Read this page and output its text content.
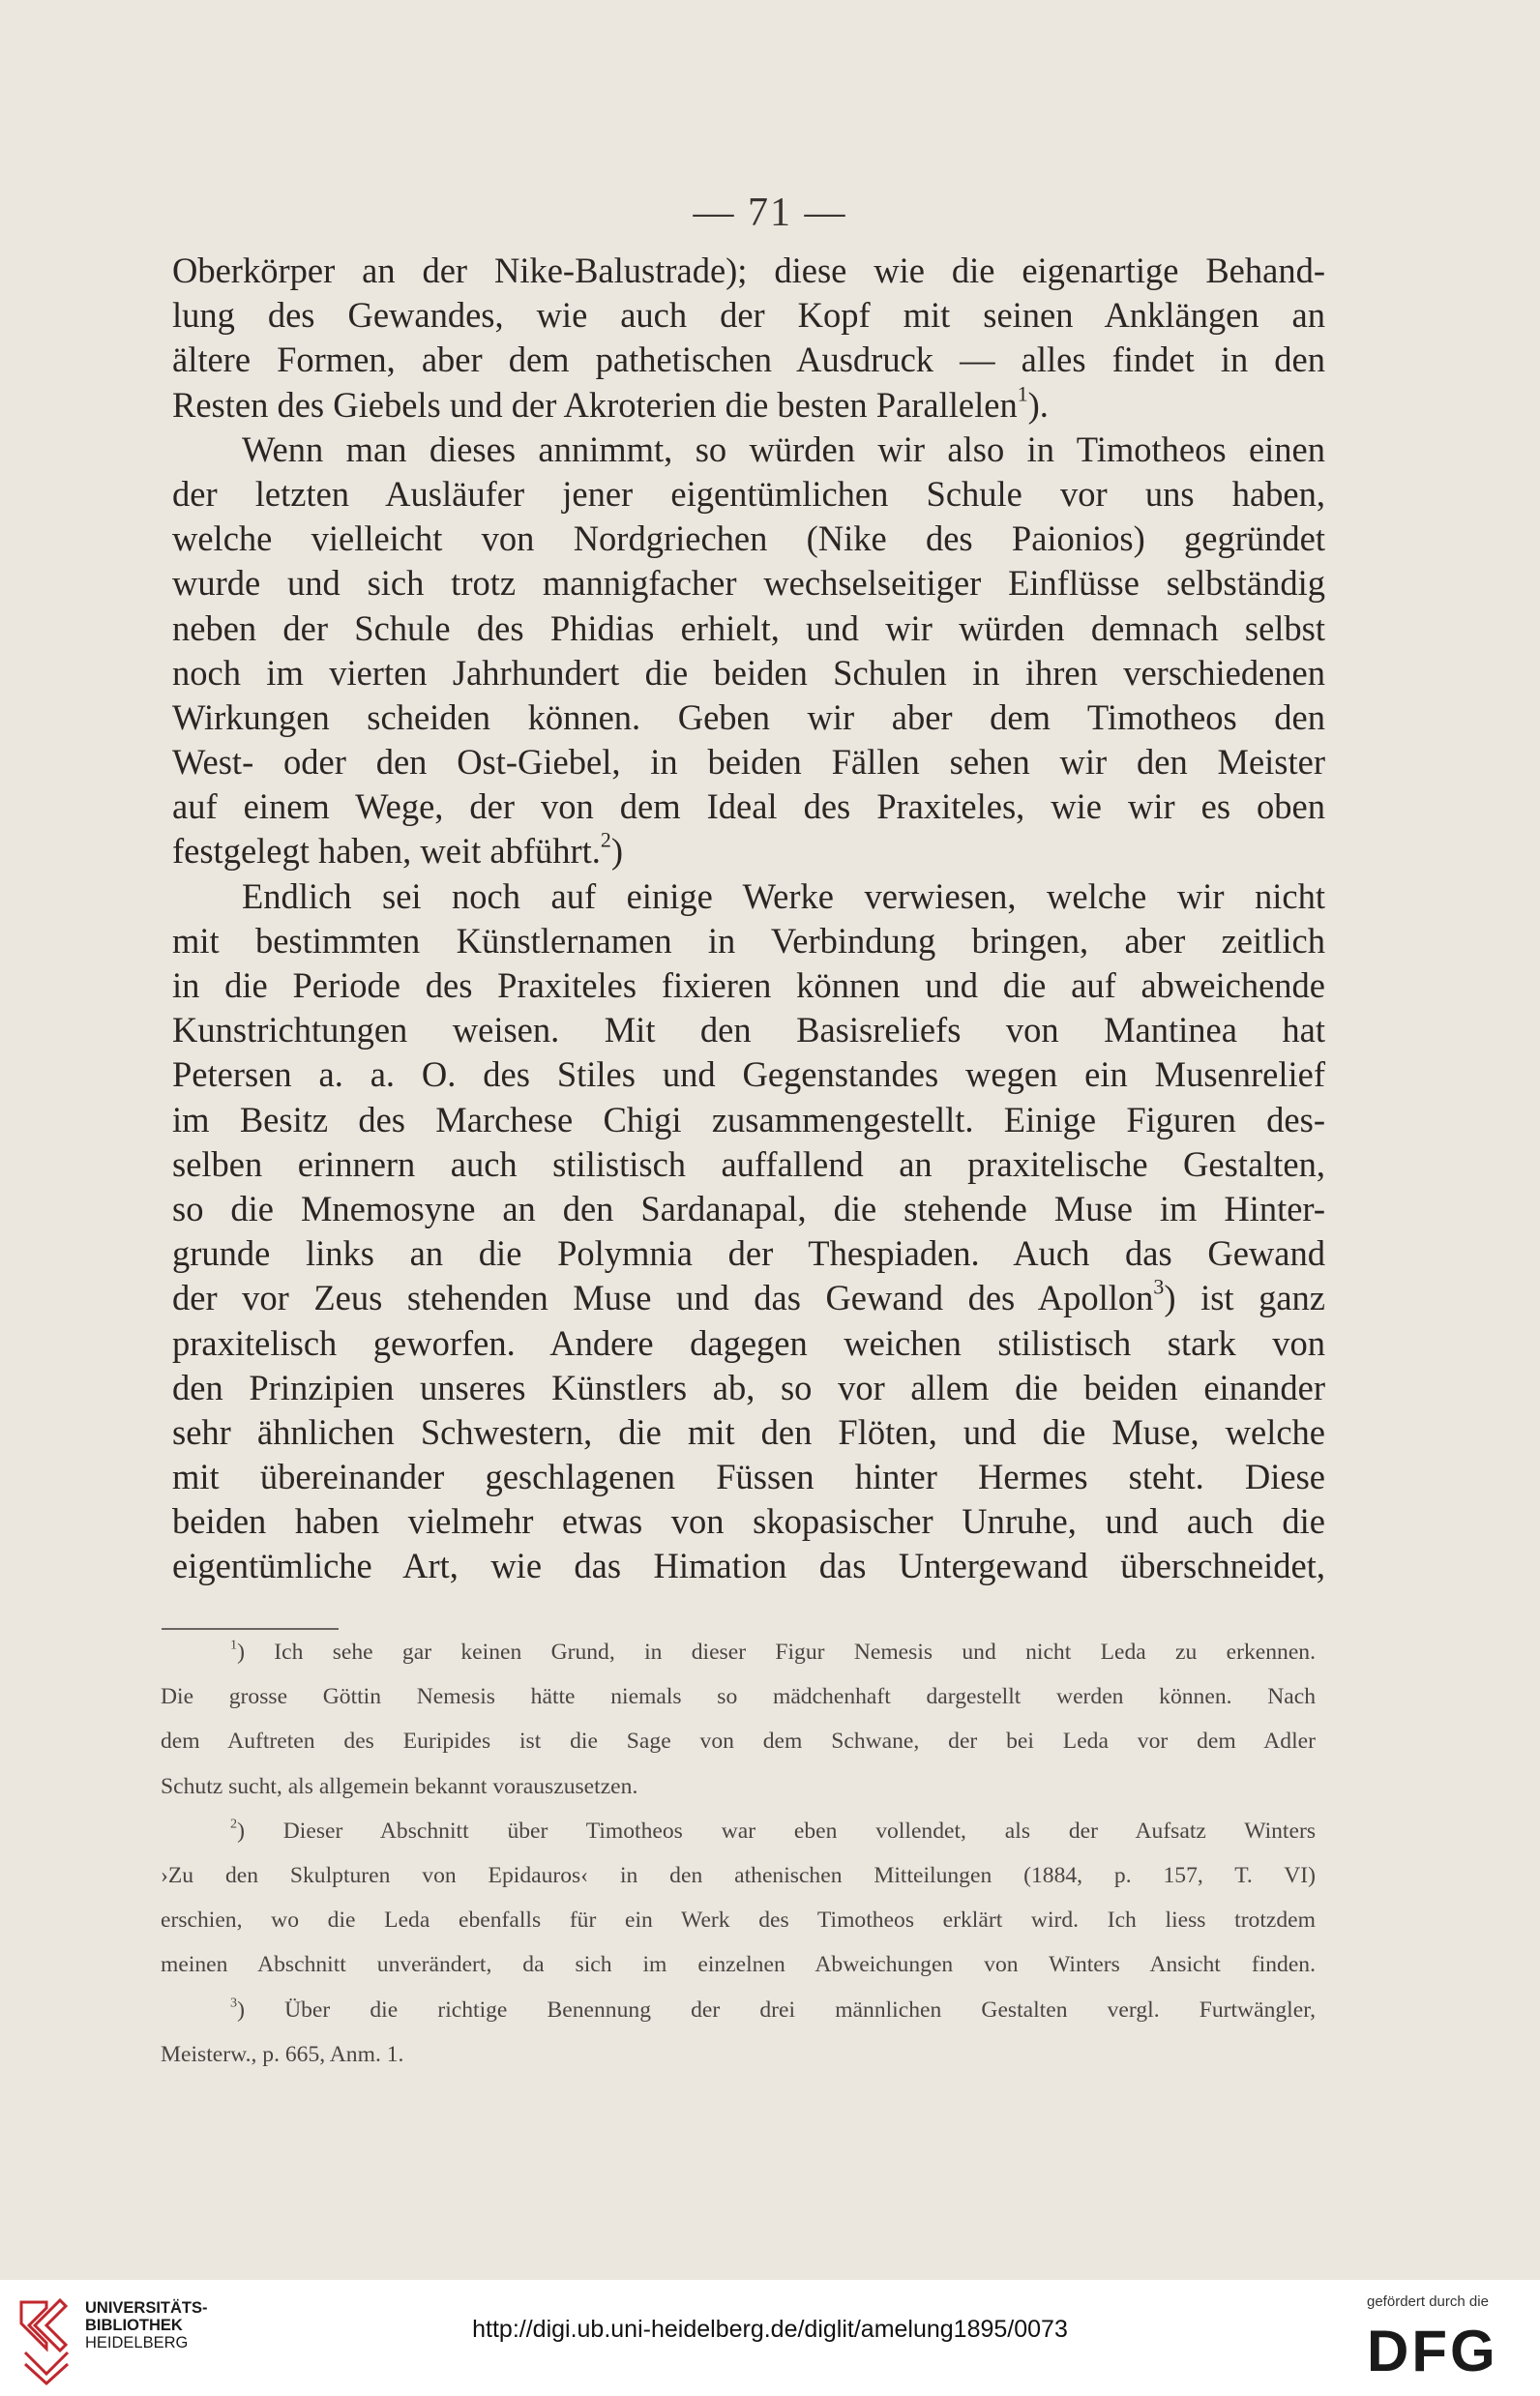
— 71 —
Oberkörper an der Nike-Balustrade); diese wie die eigenartige Behand-
lung des Gewandes, wie auch der Kopf mit seinen Anklängen an
ältere Formen, aber dem pathetischen Ausdruck — alles findet in den
Resten des Giebels und der Akroterien die besten Parallelen$^1$).
Wenn man dieses annimmt, so würden wir also in Timotheos einen
der letzten Ausläufer jener eigentümlichen Schule vor uns haben,
welche vielleicht von Nordgriechen (Nike des Paionios) gegründet
wurde und sich trotz mannigfacher wechselseitiger Einflüsse selbständig
neben der Schule des Phidias erhielt, und wir würden demnach selbst
noch im vierten Jahrhundert die beiden Schulen in ihren verschiedenen
Wirkungen scheiden können. Geben wir aber dem Timotheos den
West- oder den Ost-Giebel, in beiden Fällen sehen wir den Meister
auf einem Wege, der von dem Ideal des Praxiteles, wie wir es oben
festgelegt haben, weit abführt.$^2$)
Endlich sei noch auf einige Werke verwiesen, welche wir nicht
mit bestimmten Künstlernamen in Verbindung bringen, aber zeitlich
in die Periode des Praxiteles fixieren können und die auf abweichende
Kunstrichtungen weisen. Mit den Basisreliefs von Mantinea hat
Petersen a. a. O. des Stiles und Gegenstandes wegen ein Musenrelief
im Besitz des Marchese Chigi zusammengestellt. Einige Figuren des-
selben erinnern auch stilistisch auffallend an praxitelische Gestalten,
so die Mnemosyne an den Sardanapal, die stehende Muse im Hinter-
grunde links an die Polymnia der Thespiaden. Auch das Gewand
der vor Zeus stehenden Muse und das Gewand des Apollon$^3$) ist ganz
praxitelisch geworfen. Andere dagegen weichen stilistisch stark von
den Prinzipien unseres Künstlers ab, so vor allem die beiden einander
sehr ähnlichen Schwestern, die mit den Flöten, und die Muse, welche
mit übereinander geschlagenen Füssen hinter Hermes steht. Diese
beiden haben vielmehr etwas von skopasischer Unruhe, und auch die
eigentümliche Art, wie das Himation das Untergewand überschneidet,
$^1$) Ich sehe gar keinen Grund, in dieser Figur Nemesis und nicht Leda zu erkennen.
Die grosse Göttin Nemesis hätte niemals so mädchenhaft dargestellt werden können. Nach
dem Auftreten des Euripides ist die Sage von dem Schwane, der bei Leda vor dem Adler
Schutz sucht, als allgemein bekannt vorauszusetzen.
$^2$) Dieser Abschnitt über Timotheos war eben vollendet, als der Aufsatz Winters
›Zu den Skulpturen von Epidauros‹ in den athenischen Mitteilungen (1884, p. 157, T. VI)
erschien, wo die Leda ebenfalls für ein Werk des Timotheos erklärt wird. Ich liess trotzdem
meinen Abschnitt unverändert, da sich im einzelnen Abweichungen von Winters Ansicht finden.
$^3$) Über die richtige Benennung der drei männlichen Gestalten vergl. Furtwängler,
Meisterw., p. 665, Anm. 1.
UNIVERSITÄTS-
BIBLIOTHEK
HEIDELBERG	http://digi.ub.uni-heidelberg.de/diglit/amelung1895/0073
gefördert durch die
DFG
